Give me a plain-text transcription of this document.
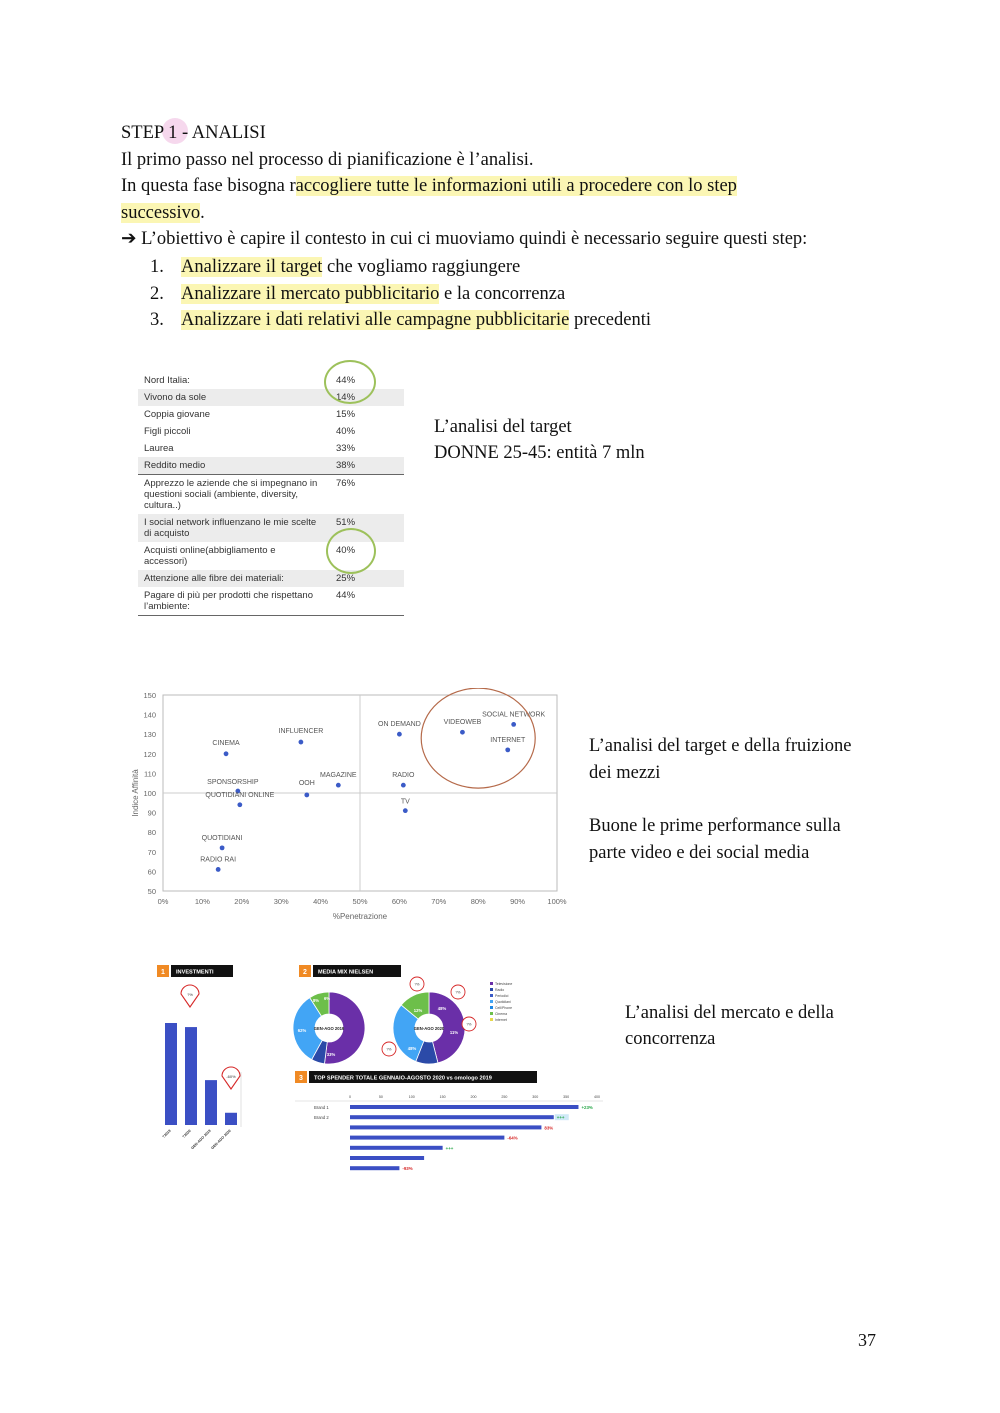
STEP 1 - ANALISI
Il primo passo nel processo di pianificazione è l’analisi.
In questa fase bisogna raccogliere tutte le informazioni utili a procedere con lo step
successivo.
➔ L’obiettivo è capire il contesto in cui ci muoviamo quindi è necessario seguire questi step:
1. Analizzare il target che vogliamo raggiungere
2. Analizzare il mercato pubblicitario e la concorrenza
3. Analizzare i dati relativi alle campagne pubblicitarie precedenti
Nord Italia:	44%
Vivono da sole	14%
Coppia giovane	15%
Figli piccoli	40%
Laurea	33%
Reddito medio	38%
Apprezzo le aziende che si impegnano in questioni sociali (ambiente, diversity, cultura..)	76%
I social network influenzano le mie scelte di acquisto	51%
Acquisti online(abbigliamento e accessori)	40%
Attenzione alle fibre dei materiali:	25%
Pagare di più per prodotti che rispettano l’ambiente:	44%
L’analisi del target
DONNE 25-45: entità 7 mln
50
60
70
80
90
100
110
120
130
140
150
0%	10%	20%	30%	40%	50%	60%	70%	80%	90%	100%
%Penetrazione
Indice Affinità
CINEMA
INFLUENCER
ON DEMAND	VIDEOWEB
SOCIAL NETWORK
INTERNET
SPONSORSHIP
QUOTIDIANI ONLINE
OOH
MAGAZINE	RADIO
TV
QUOTIDIANI
RADIO RAI
L’analisi del target e della fruizione
dei mezzi
Buone le prime performance sulla
parte video e dei social media
1 INVESTMENTI
?2019	?2020
GEN-AGO 2019
GEN-AGO 2020
?%
-60%
2 MEDIA MIX NIELSEN
GEN-AGO 2019	GEN-AGO 2020
8% 6%
62%
33%
12%	48%
11%
48%
?%
?%
?%
?%
Televisione
Radio
Periodici
Quotidiani
Cell/Phone
Cinema
Internet
3 TOP SPENDER TOTALE GENNAIO-AGOSTO 2020 vs omologo 2019
0	50	100	150	200	250	300	350	400
Brand 1	+23%
Brand 2	+++
83%
-64%
+++
-93%
L’analisi del mercato e della
concorrenza
37
